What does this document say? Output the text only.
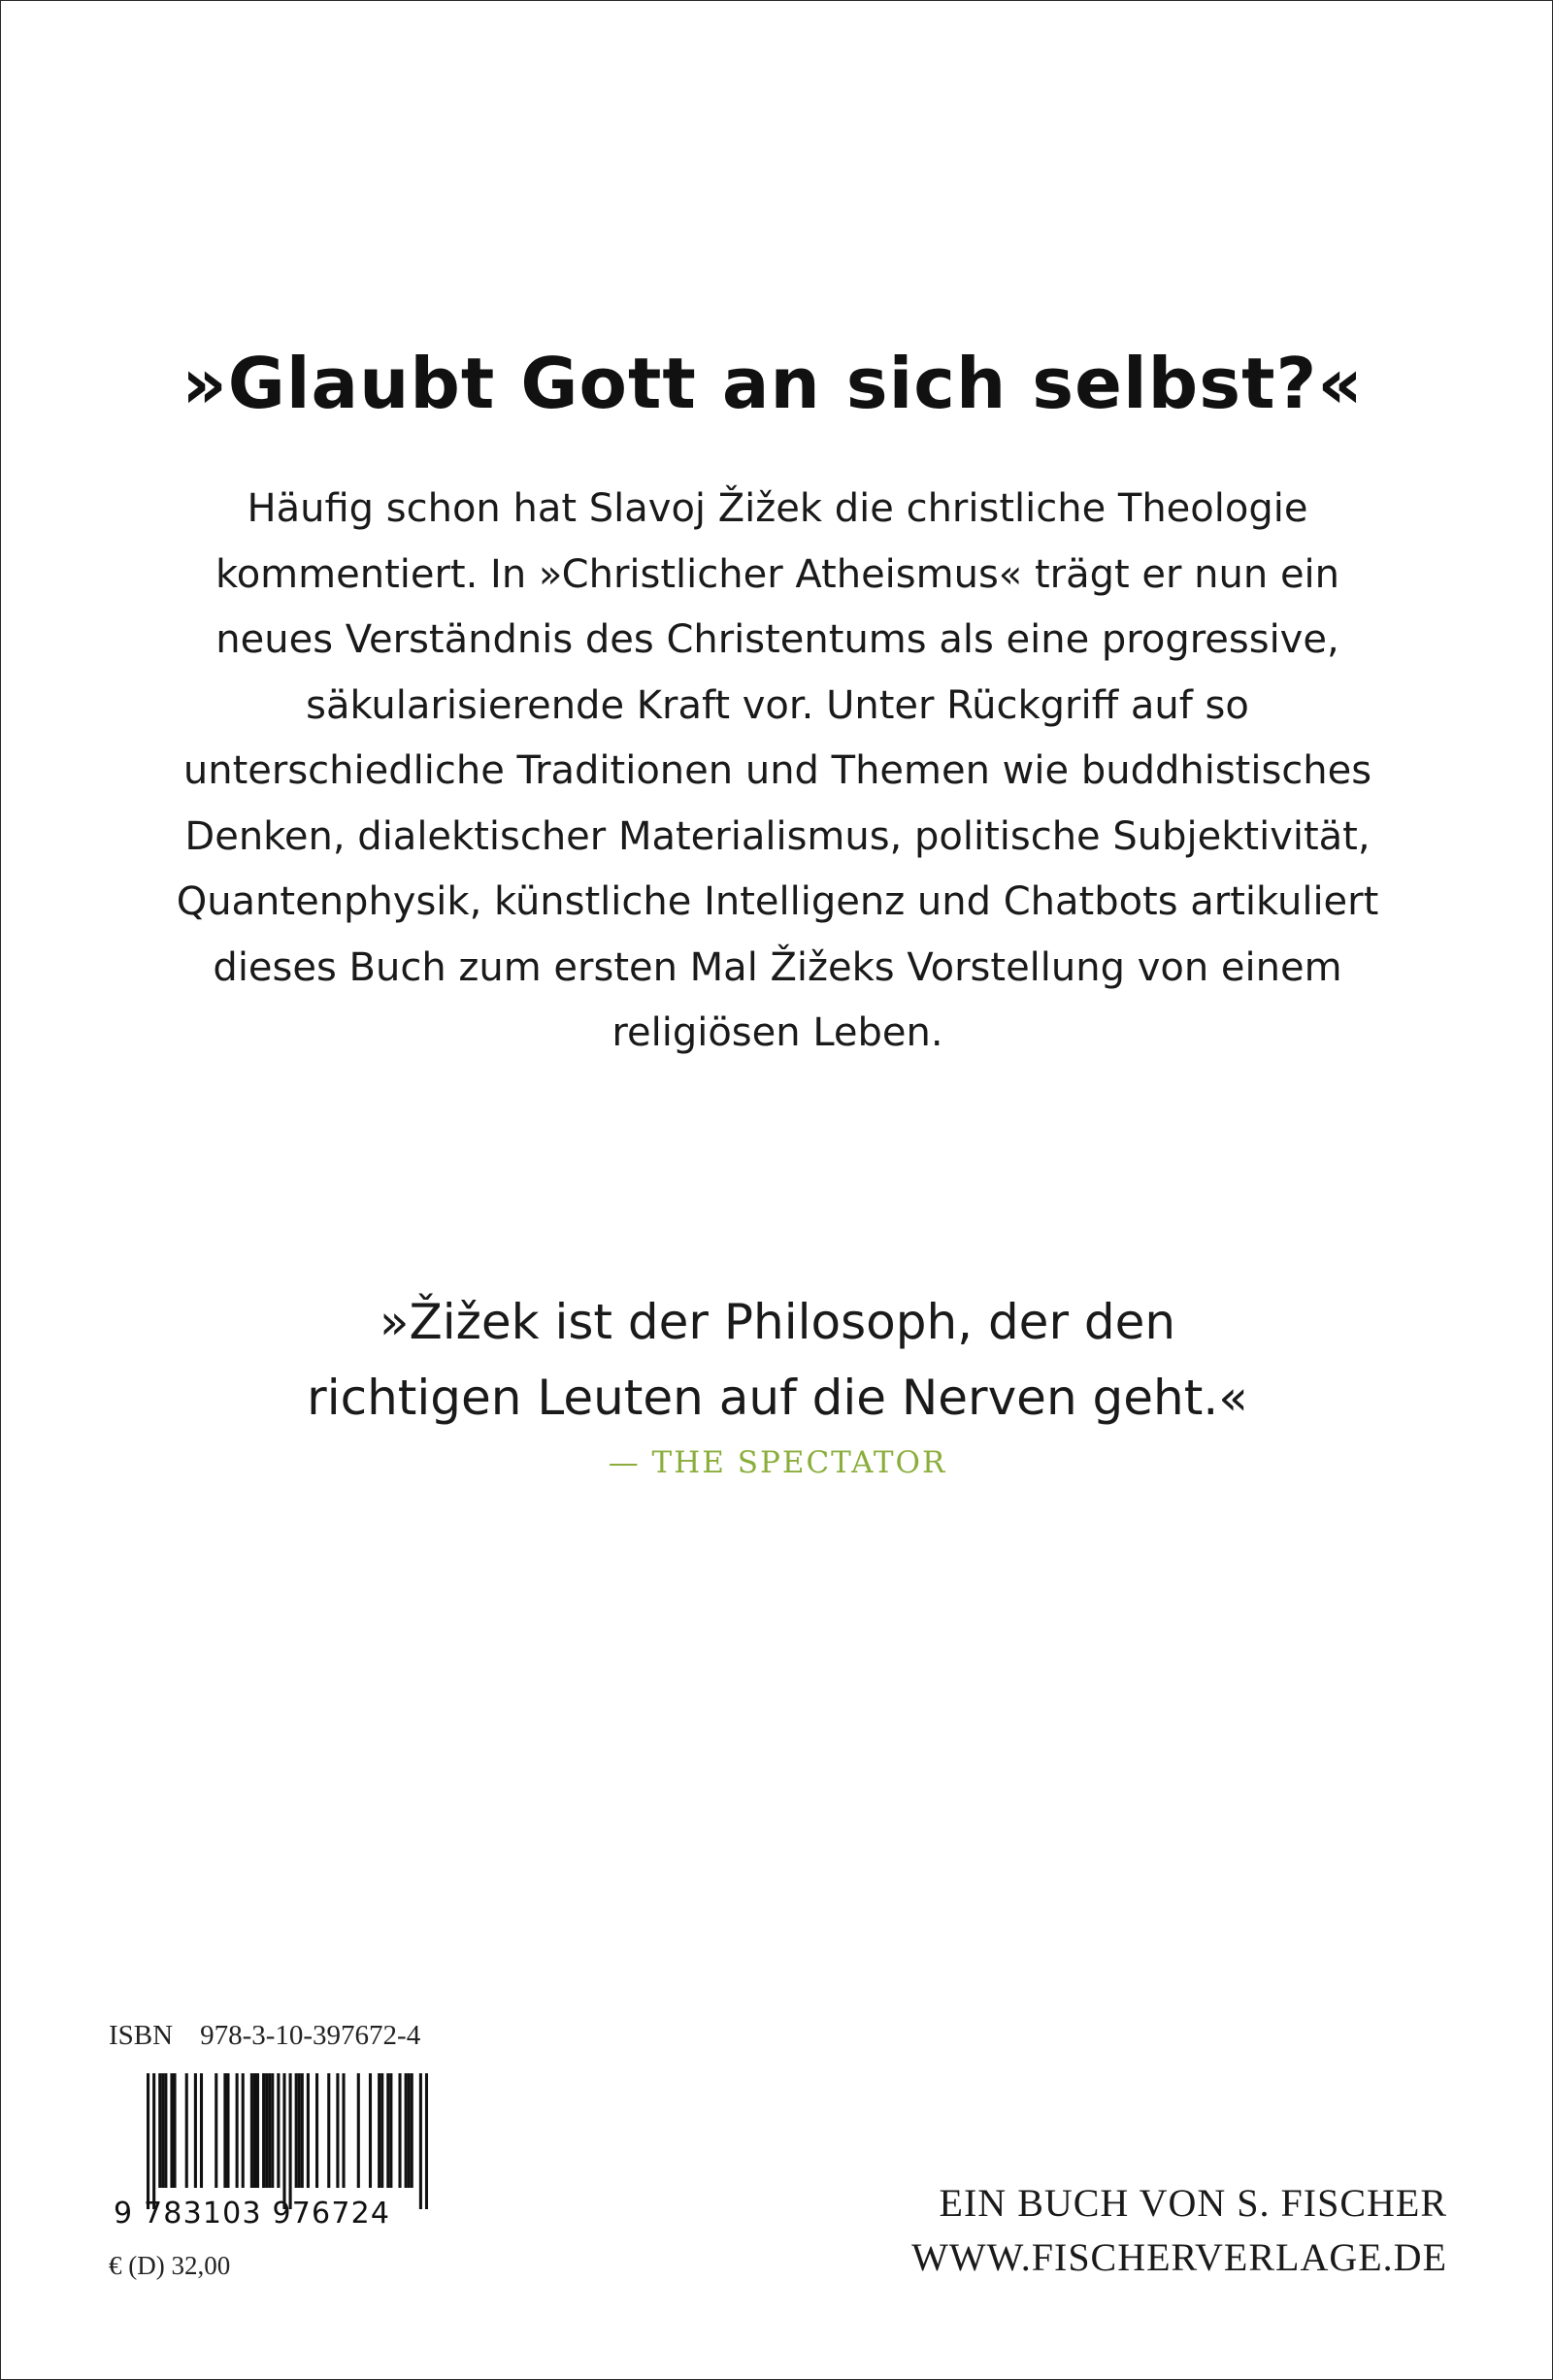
»Glaubt Gott an sich selbst?«

Häufig schon hat Slavoj Žižek die christliche Theologie
kommentiert. In »Christlicher Atheismus« trägt er nun ein
neues Verständnis des Christentums als eine progressive,
säkularisierende Kraft vor. Unter Rückgriff auf so
unterschiedliche Traditionen und Themen wie buddhistisches
Denken, dialektischer Materialismus, politische Subjektivität,
Quantenphysik, künstliche Intelligenz und Chatbots artikuliert
dieses Buch zum ersten Mal Žižeks Vorstellung von einem
religiösen Leben.

»Žižek ist der Philosoph, der den
richtigen Leuten auf die Nerven geht.«

— THE SPECTATOR
ISBN 978-3-10-397672-4
9 783103 976724
€ (D) 32,00
EIN BUCH VON S. FISCHER
WWW.FISCHERVERLAGE.DE
